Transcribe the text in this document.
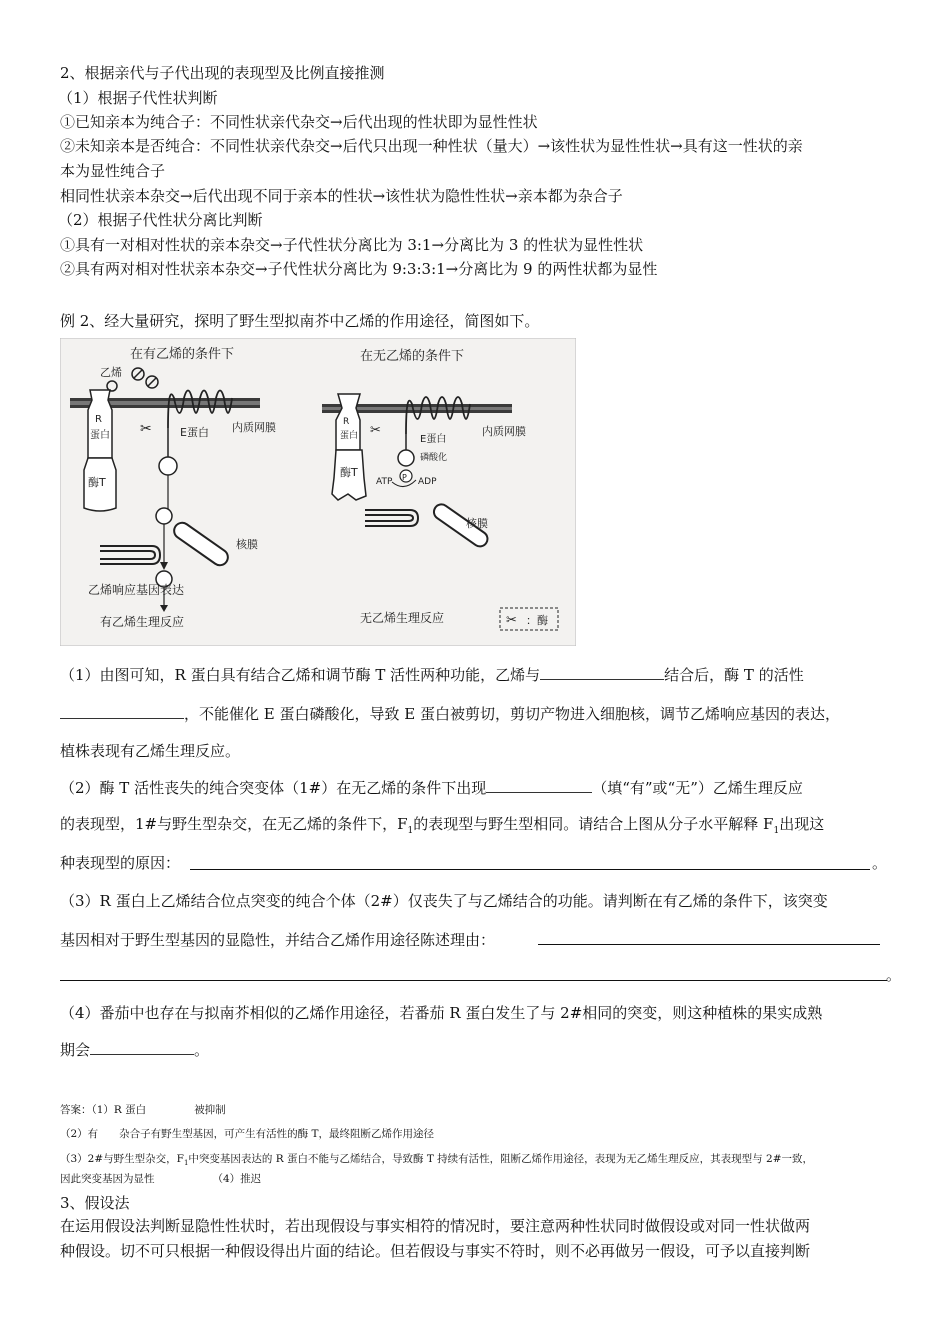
2、根据亲代与子代出现的表现型及比例直接推测
（1）根据子代性状判断
①已知亲本为纯合子：不同性状亲代杂交→后代出现的性状即为显性性状
②未知亲本是否纯合：不同性状亲代杂交→后代只出现一种性状（量大）→该性状为显性性状→具有这一性状的亲
本为显性纯合子
相同性状亲本杂交→后代出现不同于亲本的性状→该性状为隐性性状→亲本都为杂合子
（2）根据子代性状分离比判断
①具有一对相对性状的亲本杂交→子代性状分离比为 3:1→分离比为 3 的性状为显性性状
②具有两对相对性状亲本杂交→子代性状分离比为 9:3:3:1→分离比为 9 的两性状都为显性
例 2、经大量研究，探明了野生型拟南芥中乙烯的作用途径，简图如下。
在有乙烯的条件下	在无乙烯的条件下
乙烯
R
蛋白
酶T
✂	E蛋白 内质网膜
核膜
乙烯响应基因表达
有乙烯生理反应
R
蛋白
酶T	P
✂
E蛋白
磷酸化
内质网膜
ATP	ADP
核膜
无乙烯生理反应	✂ ：酶
（1）由图可知，R 蛋白具有结合乙烯和调节酶 T 活性两种功能，乙烯与	结合后，酶 T 的活性
，不能催化 E 蛋白磷酸化，导致 E 蛋白被剪切，剪切产物进入细胞核，调节乙烯响应基因的表达，
植株表现有乙烯生理反应。
（2）酶 T 活性丧失的纯合突变体（1#）在无乙烯的条件下出现	（填“有”或“无”）乙烯生理反应
的表现型，1#与野生型杂交，在无乙烯的条件下，$F_1$的表现型与野生型相同。请结合上图从分子水平解释 $F_1$出现这
种表现型的原因：	。
（3）R 蛋白上乙烯结合位点突变的纯合个体（2#）仅丧失了与乙烯结合的功能。请判断在有乙烯的条件下，该突变
基因相对于野生型基因的显隐性，并结合乙烯作用途径陈述理由：
。
（4）番茄中也存在与拟南芥相似的乙烯作用途径，若番茄 R 蛋白发生了与 2#相同的突变，则这种植株的果实成熟
期会	。
答案：（1）R 蛋白	被抑制
（2）有　　杂合子有野生型基因，可产生有活性的酶 T，最终阻断乙烯作用途径
（3）2#与野生型杂交，$F_1$中突变基因表达的 R 蛋白不能与乙烯结合，导致酶 T 持续有活性，阻断乙烯作用途径，表现为无乙烯生理反应，其表现型与 2#一致，
因此突变基因为显性	（4）推迟
3、假设法
在运用假设法判断显隐性性状时，若出现假设与事实相符的情况时，要注意两种性状同时做假设或对同一性状做两
种假设。切不可只根据一种假设得出片面的结论。但若假设与事实不符时，则不必再做另一假设，可予以直接判断
